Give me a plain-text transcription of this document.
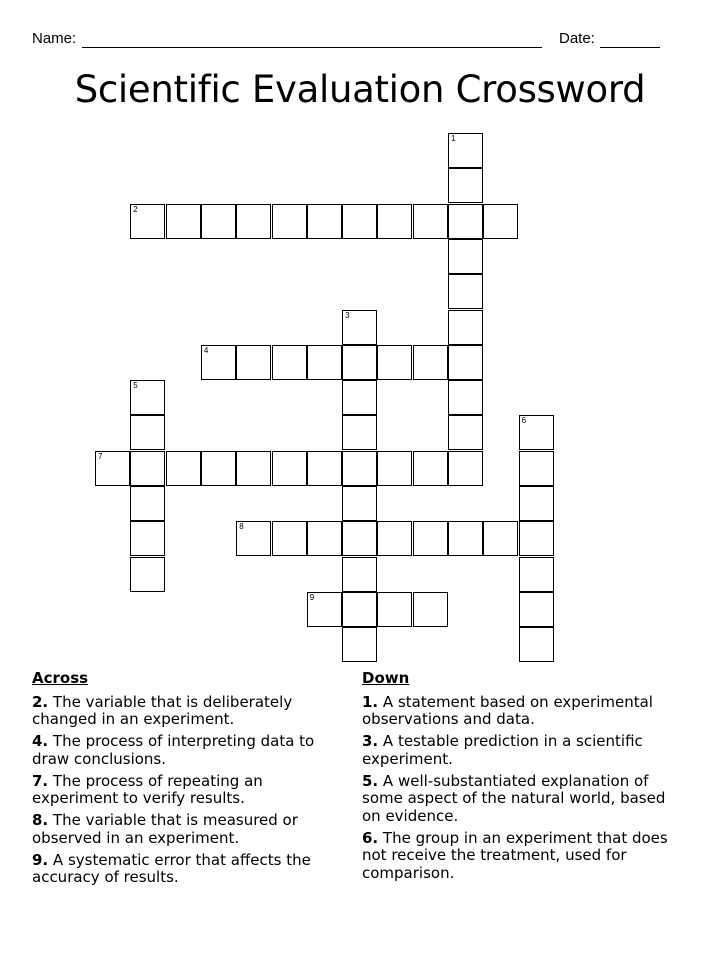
Name:	Date:
Scientific Evaluation Crossword
1
2
3
4
5
6
7
8
9
Across
2. The variable that is deliberately changed in an experiment.
4. The process of interpreting data to draw conclusions.
7. The process of repeating an experiment to verify results.
8. The variable that is measured or observed in an experiment.
9. A systematic error that affects the accuracy of results.
Down
1. A statement based on experimental observations and data.
3. A testable prediction in a scientific experiment.
5. A well-substantiated explanation of some aspect of the natural world, based on evidence.
6. The group in an experiment that does not receive the treatment, used for comparison.
